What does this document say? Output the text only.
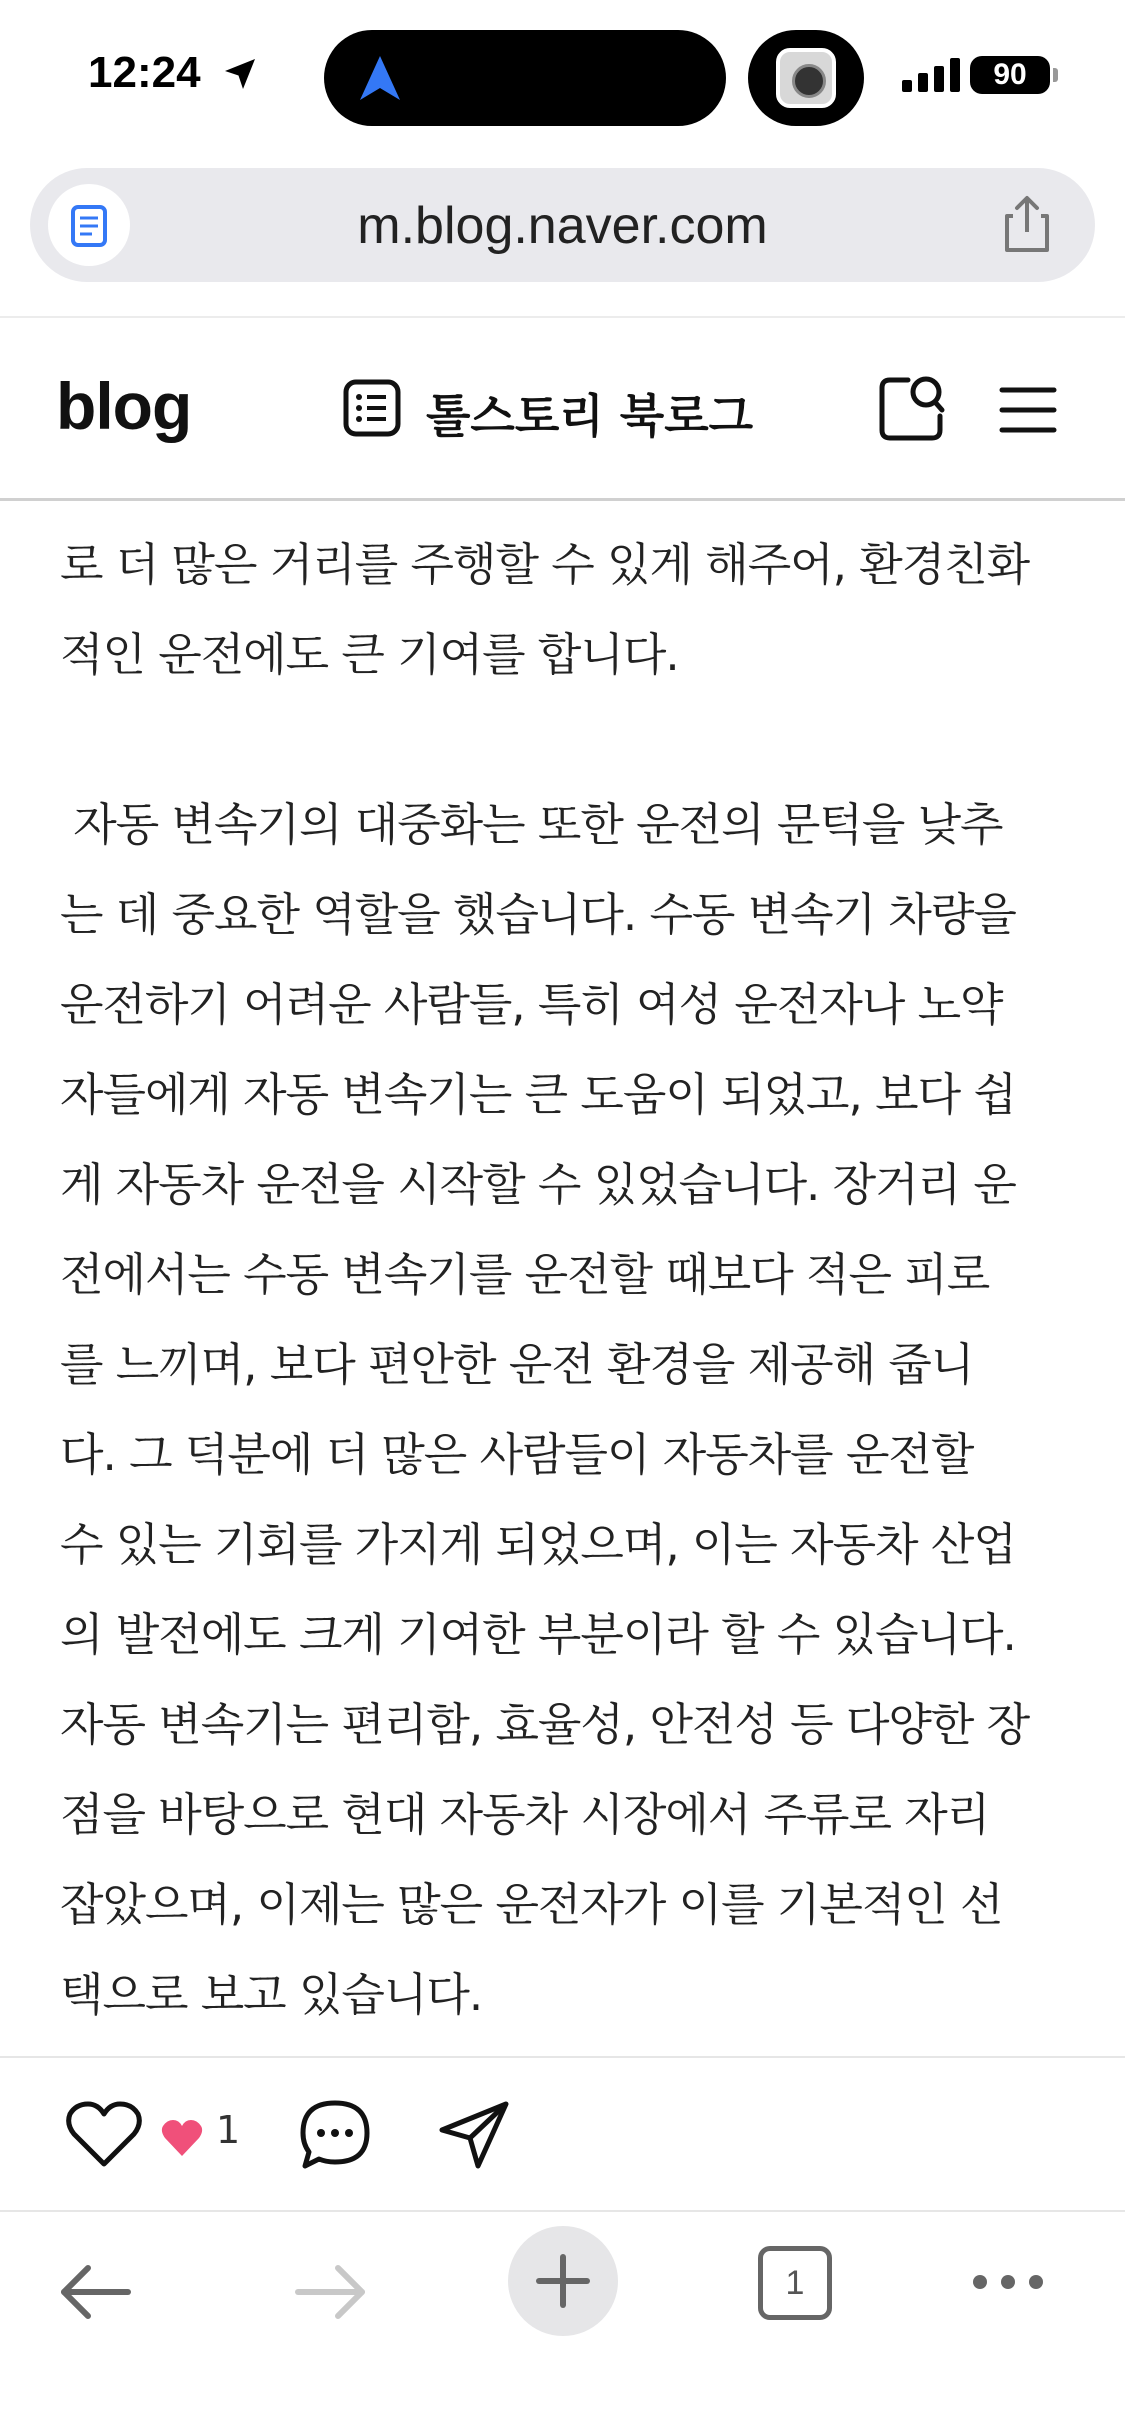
12:24	90
m.blog.naver.com
blog	톨스토리 북로그
로 더 많은 거리를 주행할 수 있게 해주어, 환경친화
적인 운전에도 큰 기여를 합니다.
자동 변속기의 대중화는 또한 운전의 문턱을 낮추
는 데 중요한 역할을 했습니다. 수동 변속기 차량을
운전하기 어려운 사람들, 특히 여성 운전자나 노약
자들에게 자동 변속기는 큰 도움이 되었고, 보다 쉽
게 자동차 운전을 시작할 수 있었습니다. 장거리 운
전에서는 수동 변속기를 운전할 때보다 적은 피로
를 느끼며, 보다 편안한 운전 환경을 제공해 줍니
다. 그 덕분에 더 많은 사람들이 자동차를 운전할
수 있는 기회를 가지게 되었으며, 이는 자동차 산업
의 발전에도 크게 기여한 부분이라 할 수 있습니다.
자동 변속기는 편리함, 효율성, 안전성 등 다양한 장
점을 바탕으로 현대 자동차 시장에서 주류로 자리
잡았으며, 이제는 많은 운전자가 이를 기본적인 선
택으로 보고 있습니다.
1
1
